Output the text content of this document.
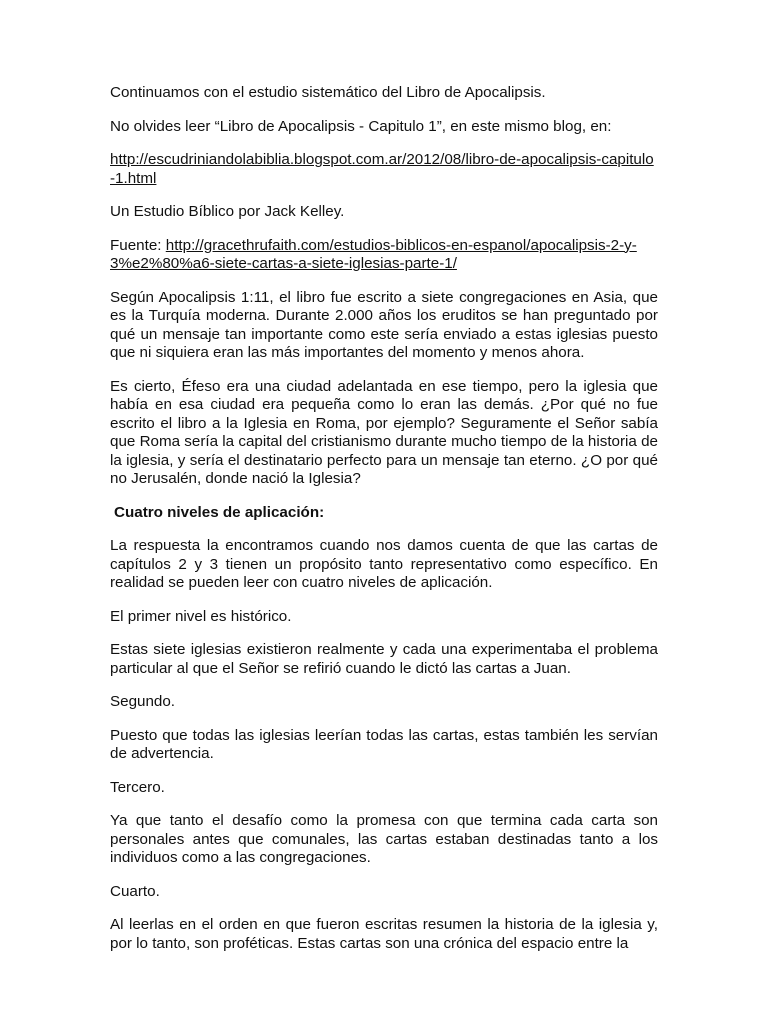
Continuamos con el estudio sistemático del Libro de Apocalipsis.

No olvides leer “Libro de Apocalipsis - Capitulo 1”, en este mismo blog, en:

http://escudriniandolabiblia.blogspot.com.ar/2012/08/libro-de-apocalipsis-capitulo-1.html

Un Estudio Bíblico por Jack Kelley.

Fuente: http://gracethrufaith.com/estudios-biblicos-en-espanol/apocalipsis-2-y-3%e2%80%a6-siete-cartas-a-siete-iglesias-parte-1/

Según Apocalipsis 1:11, el libro fue escrito a siete congregaciones en Asia, que es la Turquía moderna. Durante 2.000 años los eruditos se han preguntado por qué un mensaje tan importante como este sería enviado a estas iglesias puesto que ni siquiera eran las más importantes del momento y menos ahora.

Es cierto, Éfeso era una ciudad adelantada en ese tiempo, pero la iglesia que había en esa ciudad era pequeña como lo eran las demás. ¿Por qué no fue escrito el libro a la Iglesia en Roma, por ejemplo? Seguramente el Señor sabía que Roma sería la capital del cristianismo durante mucho tiempo de la historia de la iglesia, y sería el destinatario perfecto para un mensaje tan eterno. ¿O por qué no Jerusalén, donde nació la Iglesia?

Cuatro niveles de aplicación:

La respuesta la encontramos cuando nos damos cuenta de que las cartas de capítulos 2 y 3 tienen un propósito tanto representativo como específico. En realidad se pueden leer con cuatro niveles de aplicación.

El primer nivel es histórico.

Estas siete iglesias existieron realmente y cada una experimentaba el problema particular al que el Señor se refirió cuando le dictó las cartas a Juan.

Segundo.

Puesto que todas las iglesias leerían todas las cartas, estas también les servían de advertencia.

Tercero.

Ya que tanto el desafío como la promesa con que termina cada carta son personales antes que comunales, las cartas estaban destinadas tanto a los individuos como a las congregaciones.

Cuarto.

Al leerlas en el orden en que fueron escritas resumen la historia de la iglesia y, por lo tanto, son proféticas. Estas cartas son una crónica del espacio entre la
